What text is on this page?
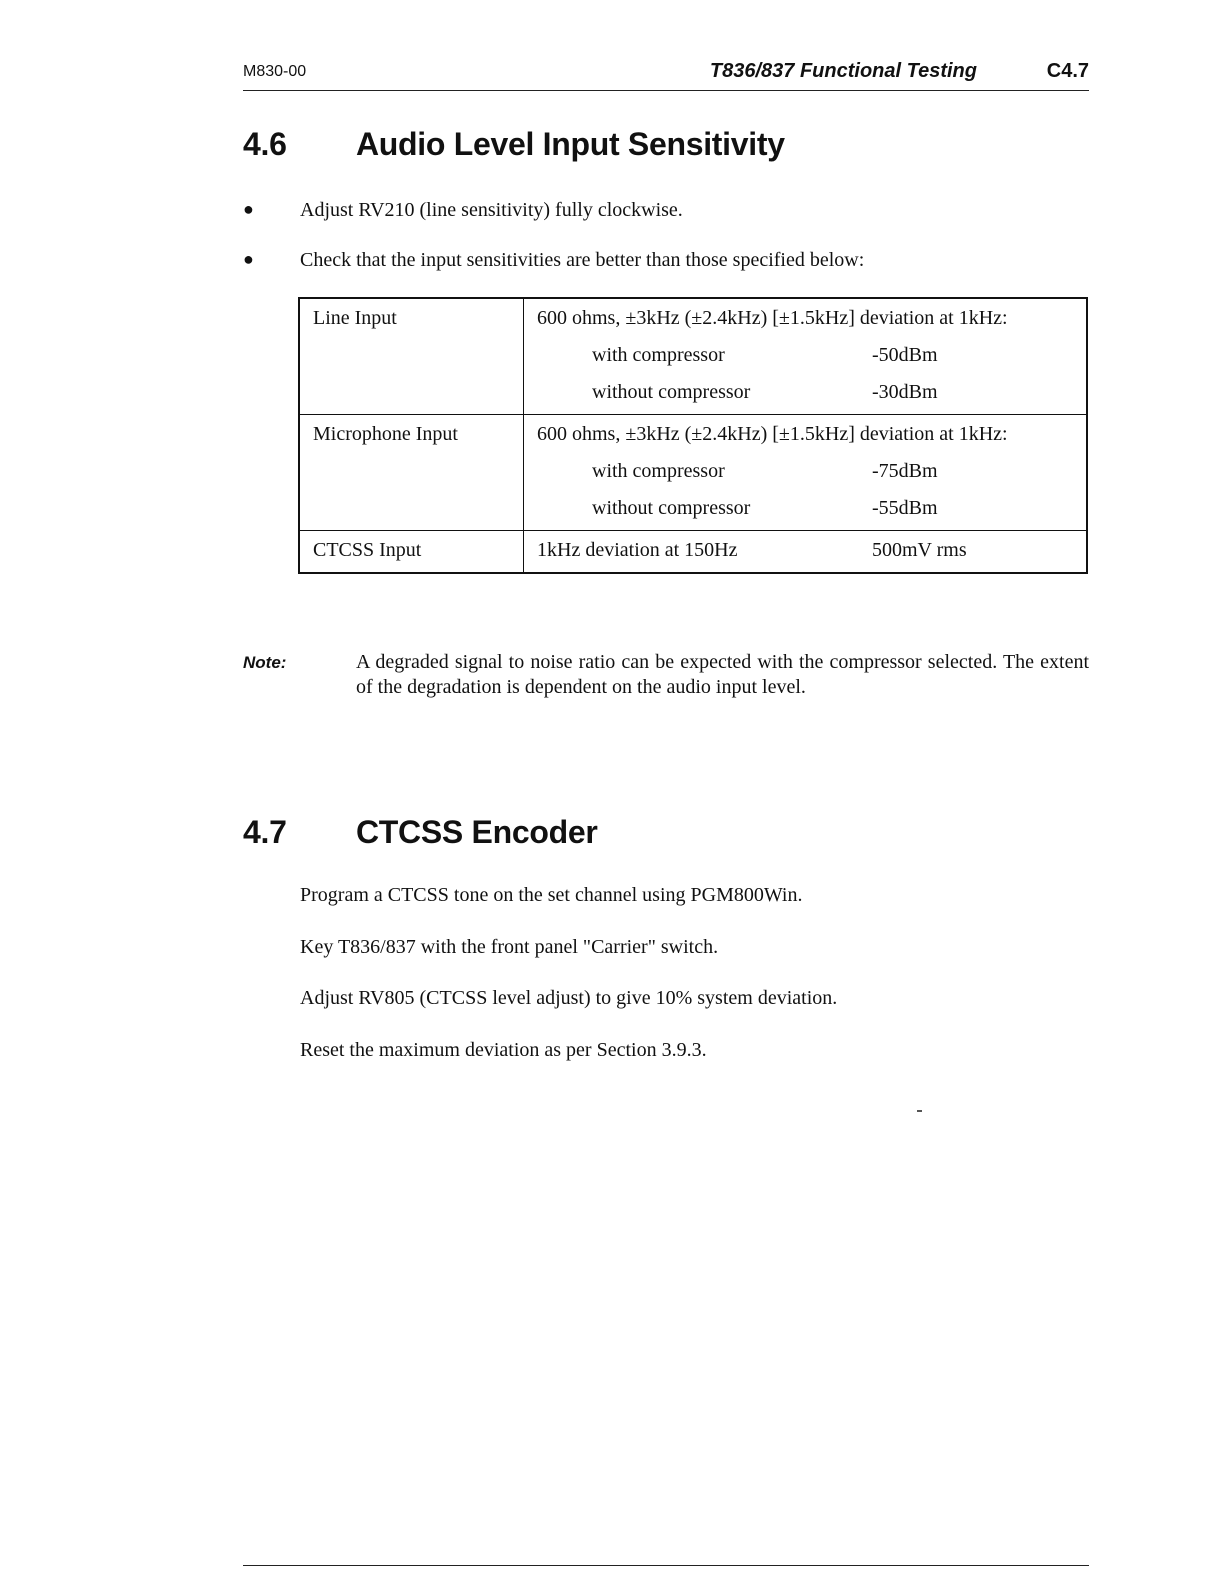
M830-00	T836/837 Functional Testing	C4.7
4.6 Audio Level Input Sensitivity
● Adjust RV210 (line sensitivity) fully clockwise.
● Check that the input sensitivities are better than those specified below:
Line Input	600 ohms, ±3kHz (±2.4kHz) [±1.5kHz] deviation at 1kHz:
with compressor -50dBm
without compressor -30dBm

Microphone Input	600 ohms, ±3kHz (±2.4kHz) [±1.5kHz] deviation at 1kHz:
with compressor -75dBm
without compressor -55dBm

CTCSS Input	1kHz deviation at 150Hz 500mV rms
Note:	A degraded signal to noise ratio can be expected with the compressor selected. The extent of the degradation is dependent on the audio input level.
4.7 CTCSS Encoder
Program a CTCSS tone on the set channel using PGM800Win.
Key T836/837 with the front panel "Carrier" switch.
Adjust RV805 (CTCSS level adjust) to give 10% system deviation.
Reset the maximum deviation as per Section 3.9.3.
